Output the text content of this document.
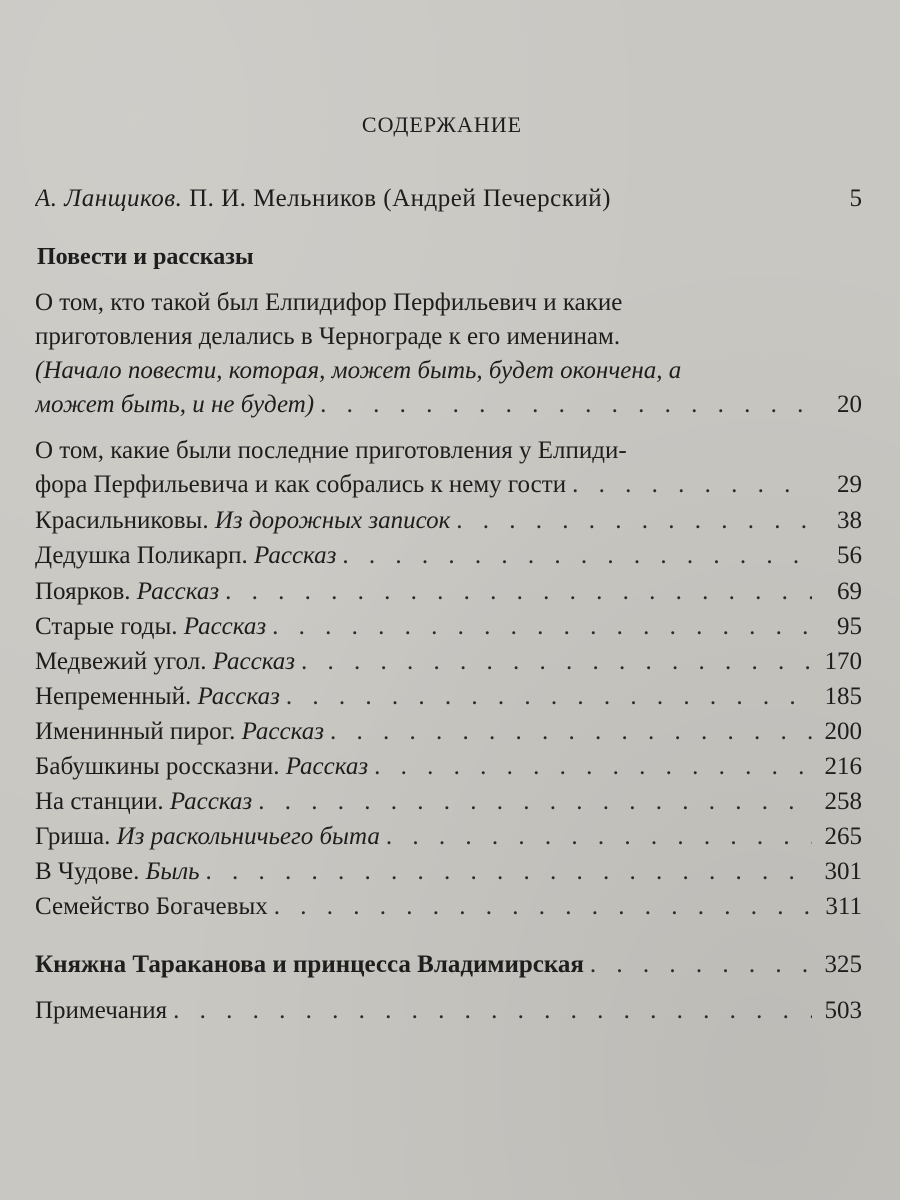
СОДЕРЖАНИЕ
А. Ланщиков. П. И. Мельников (Андрей Печерский)	5
Повести и рассказы
О том, кто такой был Елпидифор Перфильевич и какие
приготовления делались в Чернограде к его именинам.
(Начало повести, которая, может быть, будет окончена, а
может быть, и не будет) . . .	20
О том, какие были последние приготовления у Елпиди-
фора Перфильевича и как собрались к нему гости . . .	29
Красильниковы. Из дорожных записок . . .	38
Дедушка Поликарп. Рассказ . . .	56
Поярков. Рассказ . . .	69
Старые годы. Рассказ . . .	95
Медвежий угол. Рассказ . . .	170
Непременный. Рассказ . . .	185
Именинный пирог. Рассказ . . .	200
Бабушкины россказни. Рассказ . . .	216
На станции. Рассказ . . .	258
Гриша. Из раскольничьего быта . . .	265
В Чудове. Быль . . .	301
Семейство Богачевых . . .	311
Княжна Тараканова и принцесса Владимирская . . .	325
Примечания . . .	503
